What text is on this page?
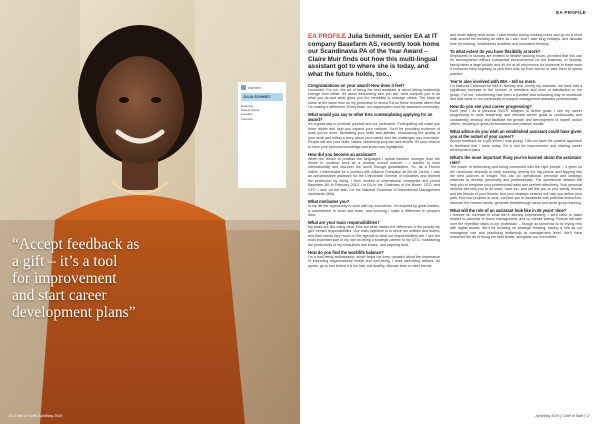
basefarm
JULIA SCHMIDT
Role/org
Family status
Location
Interests
“Accept feedback as
a gift – it’s a tool
for improvement
and start career
development plans”
16 | Chief of Staff | April/May 2019
EA PROFILE
EA PROFILE Julia Schmidt, senior EA at IT company Basefarm AS, recently took home our Scandinavia PA of the Year Award – Claire Muir finds out how this multi-lingual assistant got to where she is today, and what the future holds, too...
Congratulations on your award! How does it feel?
Honoured. For me, the art of being the best assistant is about letting leadership emerge from within. It’s about discovering who you are, what compels you to do what you do and what gives you the credibility to manage others. The stars all came at the same time as my promotion to senior EA so these rewards affirm that I’m making a difference. Every team, my organisation and the assistant community.
What would you say to other EAs contemplating applying for an award?
It’s a great way to promote yourself and our profession. Participating will make you more visible and help you expand your network. You’ll be providing evidence of work you’ve done, illustrating your skills and abilities, showcasing the quality of your work and telling a story about your career and the challenges you overcame. People will see your skills, values, leadership purpose and beliefs. It’s your chance to have your personal knowledge and know-how highlighted.
How did you become an assistant?
When the desire to practise the languages I speak became stronger than the desire to continue work as a primary school teacher – I wanted to work internationally and discover the world through globalisation. So, as a French native, I interviewed for a position with Alliance Française de lîle de Jouvin. I was an administrative assistant for the Directorate General of Industries and learned the profession by doing. I then worked in international companies and joined Basefarm AS in February 2013. I’m EA to the Chairman of the Board, CEO, and CFO – and, on the side, I’m the National Chairman of International Management Assistants (IMA).
What motivates you?
In my life the opportunity to work with top executives. I’m inspired by great leaders, a commitment to excel and learn, and knowing I make a difference in people’s lives.
What are your main responsibilities?
My tasks are like many other EAs but what makes the difference is the priority we give certain responsibilities. Our main objective is to serve our entities and teams, and their needs vary much on the agenda to what our responsibilities are. I see the most important part of my role as being a strategic partner to my CEO, maintaining the productivity of my executives and teams, and inspiring trust.
How do you find the work/life balance?
I’m a well-being ambassador, which helps me keep updated about the importance of improving organisational health and well-being. I read well-being articles, do sports, go to bed before it is too late, eat healthy, allocate time to meet friends
and avoid taking work home. I take breaks during working hours and go for a short walk around the building as often as I can. And I take long holidays, and allocate time for reading, mindfulness activities and innovative thinking.
To what extent do you have flexibility at work?
Employees in Norway are entitled to flexible working hours, provided that this can be accomplished without substantial inconvenience for the business. In Norway, family takes a large priority and it’s not at all uncommon for someone to leave work if someone early regularly to pick their kids up from school or take them to sports practice.
You’re also involved with IMA – tell us more.
I’m National Chairman for IMA in Norway and, during my mandate, we have had a significant increase in the number of members and level of satisfaction in the group. For me, volunteering has been a positive and rewarding way to contribute and add value to our community of support management assistant professionals.
How do you see your career progressing?
Each year I do a personal SWOT analysis to define goals. I see my career progressing to more leadership and ultimate career goals to continuously and consistently develop and facilitate the growth and development of myself and/or others, resulting in great performances and positive results.
What advice do you wish an established assistant could have given you at the outset of your career?
Accept feedback as a gift. When I was young, I did not have the positive approach to feedback that I have today. It’s a tool for improvement and starting career development plans.
What’s the most important thing you’ve learned about the assistant role?
The power of networking and being connected with the right people – it gives us the necessary diversity to keep evolving, seeing the big picture and tapping into the best sources of insight. You can do operational, personal and strategic networks to develop personally and professionally. The operational network will help you to complete your professional tasks and perform effectively. Your personal network will help you to do more, have fun, and will link you to your family, friends and the friends of your friends. And your strategic network will help you define your path, find new projects at work, connect you to assistants with potential instructors, discover the newest trends, generate breakthrough ideas and avoid group thinking.
What will the role of an assistant look like in 25 years’ time?
I foresee an increase in what we’re already experiencing – we’ll have to tasks related to calendar or travel management, and no minute writing. Robots will take over the repetitive tasks in our profession – though as tomorrow to no trying new with digital assets. We’ll be focusing on strategic thinking, having a role as our managerial role and practising leadership at management level. We’ll have mastered the art of being the best leader, alongside our executives.
April/May 2019 | Chief of Staff | 17
